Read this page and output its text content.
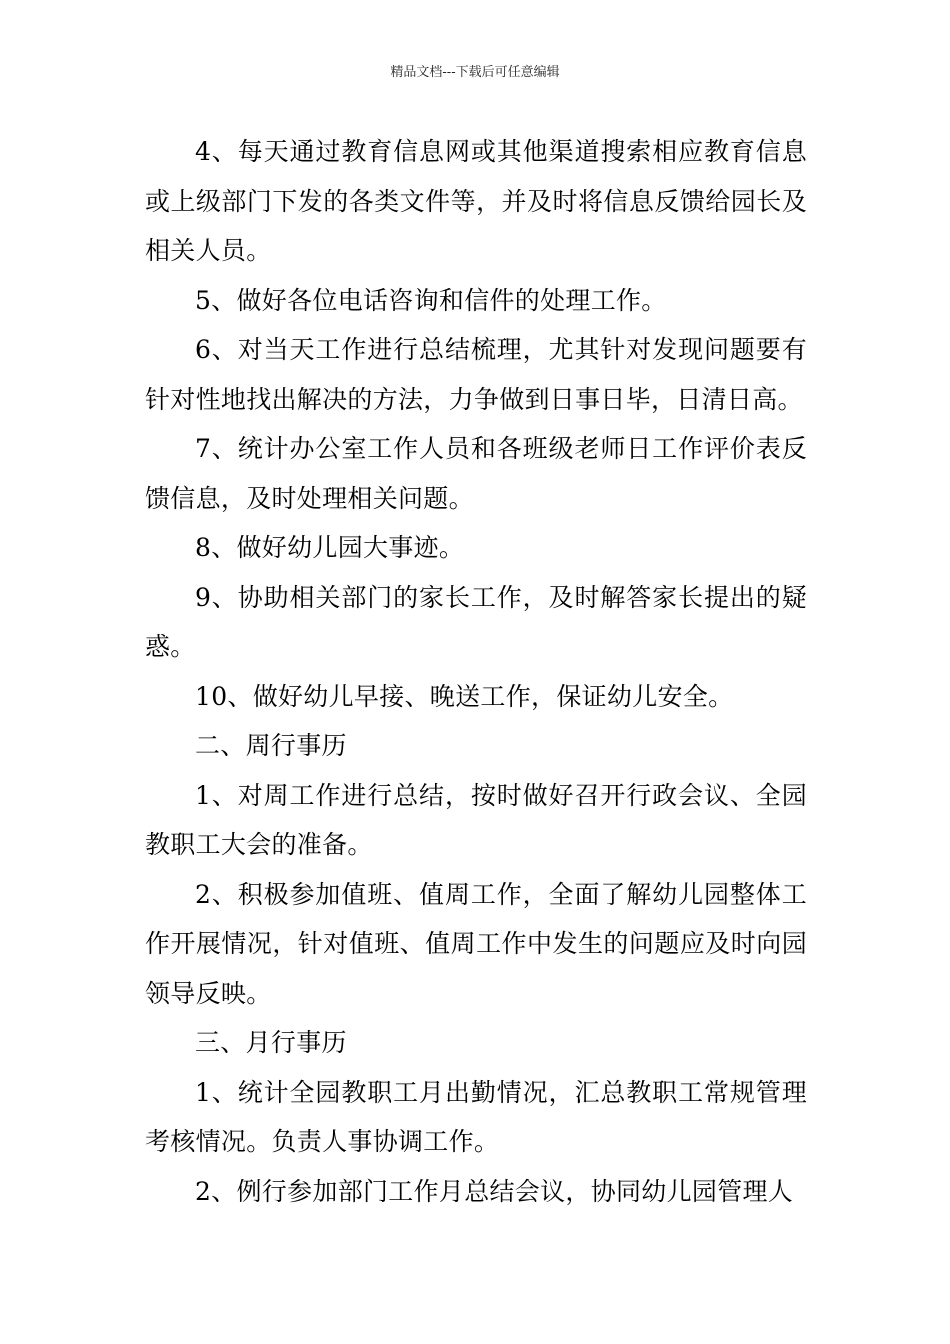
精品文档---下载后可任意编辑

4、每天通过教育信息网或其他渠道搜索相应教育信息或上级部门下发的各类文件等，并及时将信息反馈给园长及相关人员。

5、做好各位电话咨询和信件的处理工作。

6、对当天工作进行总结梳理，尤其针对发现问题要有针对性地找出解决的方法，力争做到日事日毕，日清日高。

7、统计办公室工作人员和各班级老师日工作评价表反馈信息，及时处理相关问题。

8、做好幼儿园大事迹。

9、协助相关部门的家长工作，及时解答家长提出的疑惑。

10、做好幼儿早接、晚送工作，保证幼儿安全。

二、周行事历

1、对周工作进行总结，按时做好召开行政会议、全园教职工大会的准备。

2、积极参加值班、值周工作，全面了解幼儿园整体工作开展情况，针对值班、值周工作中发生的问题应及时向园领导反映。

三、月行事历

1、统计全园教职工月出勤情况，汇总教职工常规管理考核情况。负责人事协调工作。

2、例行参加部门工作月总结会议，协同幼儿园管理人
